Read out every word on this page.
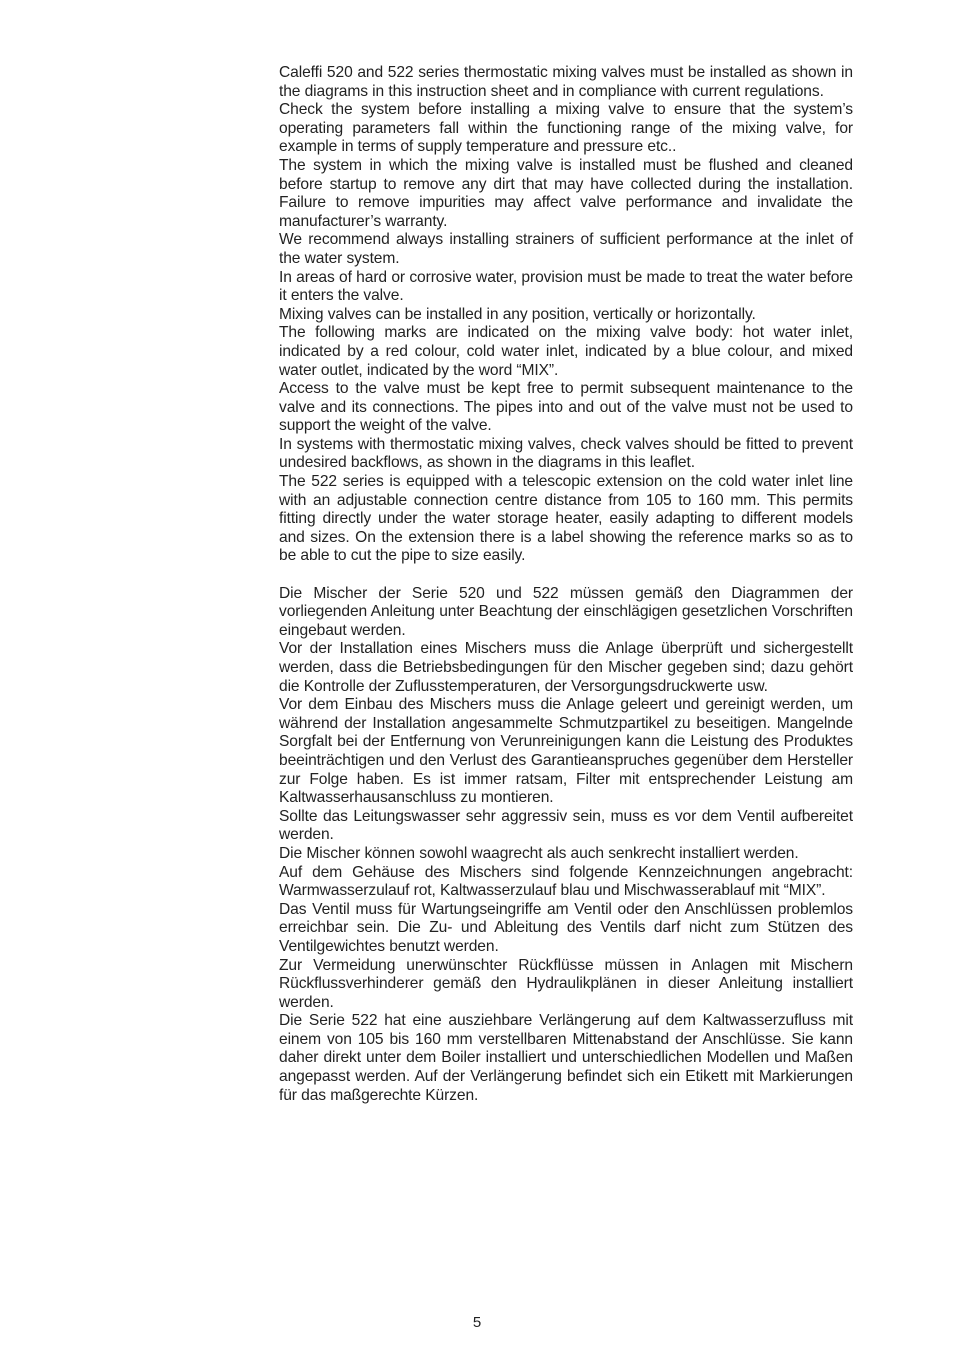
Caleffi 520 and 522 series thermostatic mixing valves must be installed as shown in the diagrams in this instruction sheet and in compliance with current regulations.

Check the system before installing a mixing valve to ensure that the system’s operating parameters fall within the functioning range of the mixing valve, for example in terms of supply temperature and pressure etc..

The system in which the mixing valve is installed must be flushed and cleaned before startup to remove any dirt that may have collected during the installation. Failure to remove impurities may affect valve performance and invalidate the manufacturer’s warranty.

We recommend always installing strainers of sufficient performance at the inlet of the water system.

In areas of hard or corrosive water, provision must be made to treat the water before it enters the valve.

Mixing valves can be installed in any position, vertically or horizontally.

The following marks are indicated on the mixing valve body: hot water inlet, indicated by a red colour, cold water inlet, indicated by a blue colour, and mixed water outlet, indicated by the word “MIX”.

Access to the valve must be kept free to permit subsequent maintenance to the valve and its connections. The pipes into and out of the valve must not be used to support the weight of the valve.

In systems with thermostatic mixing valves, check valves should be fitted to prevent undesired backflows, as shown in the diagrams in this leaflet.

The 522 series is equipped with a telescopic extension on the cold water inlet line with an adjustable connection centre distance from 105 to 160 mm. This permits fitting directly under the water storage heater, easily adapting to different models and sizes. On the extension there is a label showing the reference marks so as to be able to cut the pipe to size easily.

Die Mischer der Serie 520 und 522 müssen gemäß den Diagrammen der vorliegenden Anleitung unter Beachtung der einschlägigen gesetzlichen Vorschriften eingebaut werden.

Vor der Installation eines Mischers muss die Anlage überprüft und sichergestellt werden, dass die Betriebsbedingungen für den Mischer gegeben sind; dazu gehört die Kontrolle der Zuflusstemperaturen, der Versorgungsdruckwerte usw.

Vor dem Einbau des Mischers muss die Anlage geleert und gereinigt werden, um während der Installation angesammelte Schmutzpartikel zu beseitigen. Mangelnde Sorgfalt bei der Entfernung von Verunreinigungen kann die Leistung des Produktes beeinträchtigen und den Verlust des Garantieanspruches gegenüber dem Hersteller zur Folge haben. Es ist immer ratsam, Filter mit entsprechender Leistung am Kaltwasserhausanschluss zu montieren.

Sollte das Leitungswasser sehr aggressiv sein, muss es vor dem Ventil aufbereitet werden.

Die Mischer können sowohl waagrecht als auch senkrecht installiert werden.

Auf dem Gehäuse des Mischers sind folgende Kennzeichnungen angebracht: Warmwasserzulauf rot, Kaltwasserzulauf blau und Mischwasserablauf mit “MIX”.

Das Ventil muss für Wartungseingriffe am Ventil oder den Anschlüssen problemlos erreichbar sein. Die Zu- und Ableitung des Ventils darf nicht zum Stützen des Ventilgewichtes benutzt werden.

Zur Vermeidung unerwünschter Rückflüsse müssen in Anlagen mit Mischern Rückflussverhinderer gemäß den Hydraulikplänen in dieser Anleitung installiert werden.

Die Serie 522 hat eine ausziehbare Verlängerung auf dem Kaltwasserzufluss mit einem von 105 bis 160 mm verstellbaren Mittenabstand der Anschlüsse. Sie kann daher direkt unter dem Boiler installiert und unterschiedlichen Modellen und Maßen angepasst werden. Auf der Verlängerung befindet sich ein Etikett mit Markierungen für das maßgerechte Kürzen.

5
